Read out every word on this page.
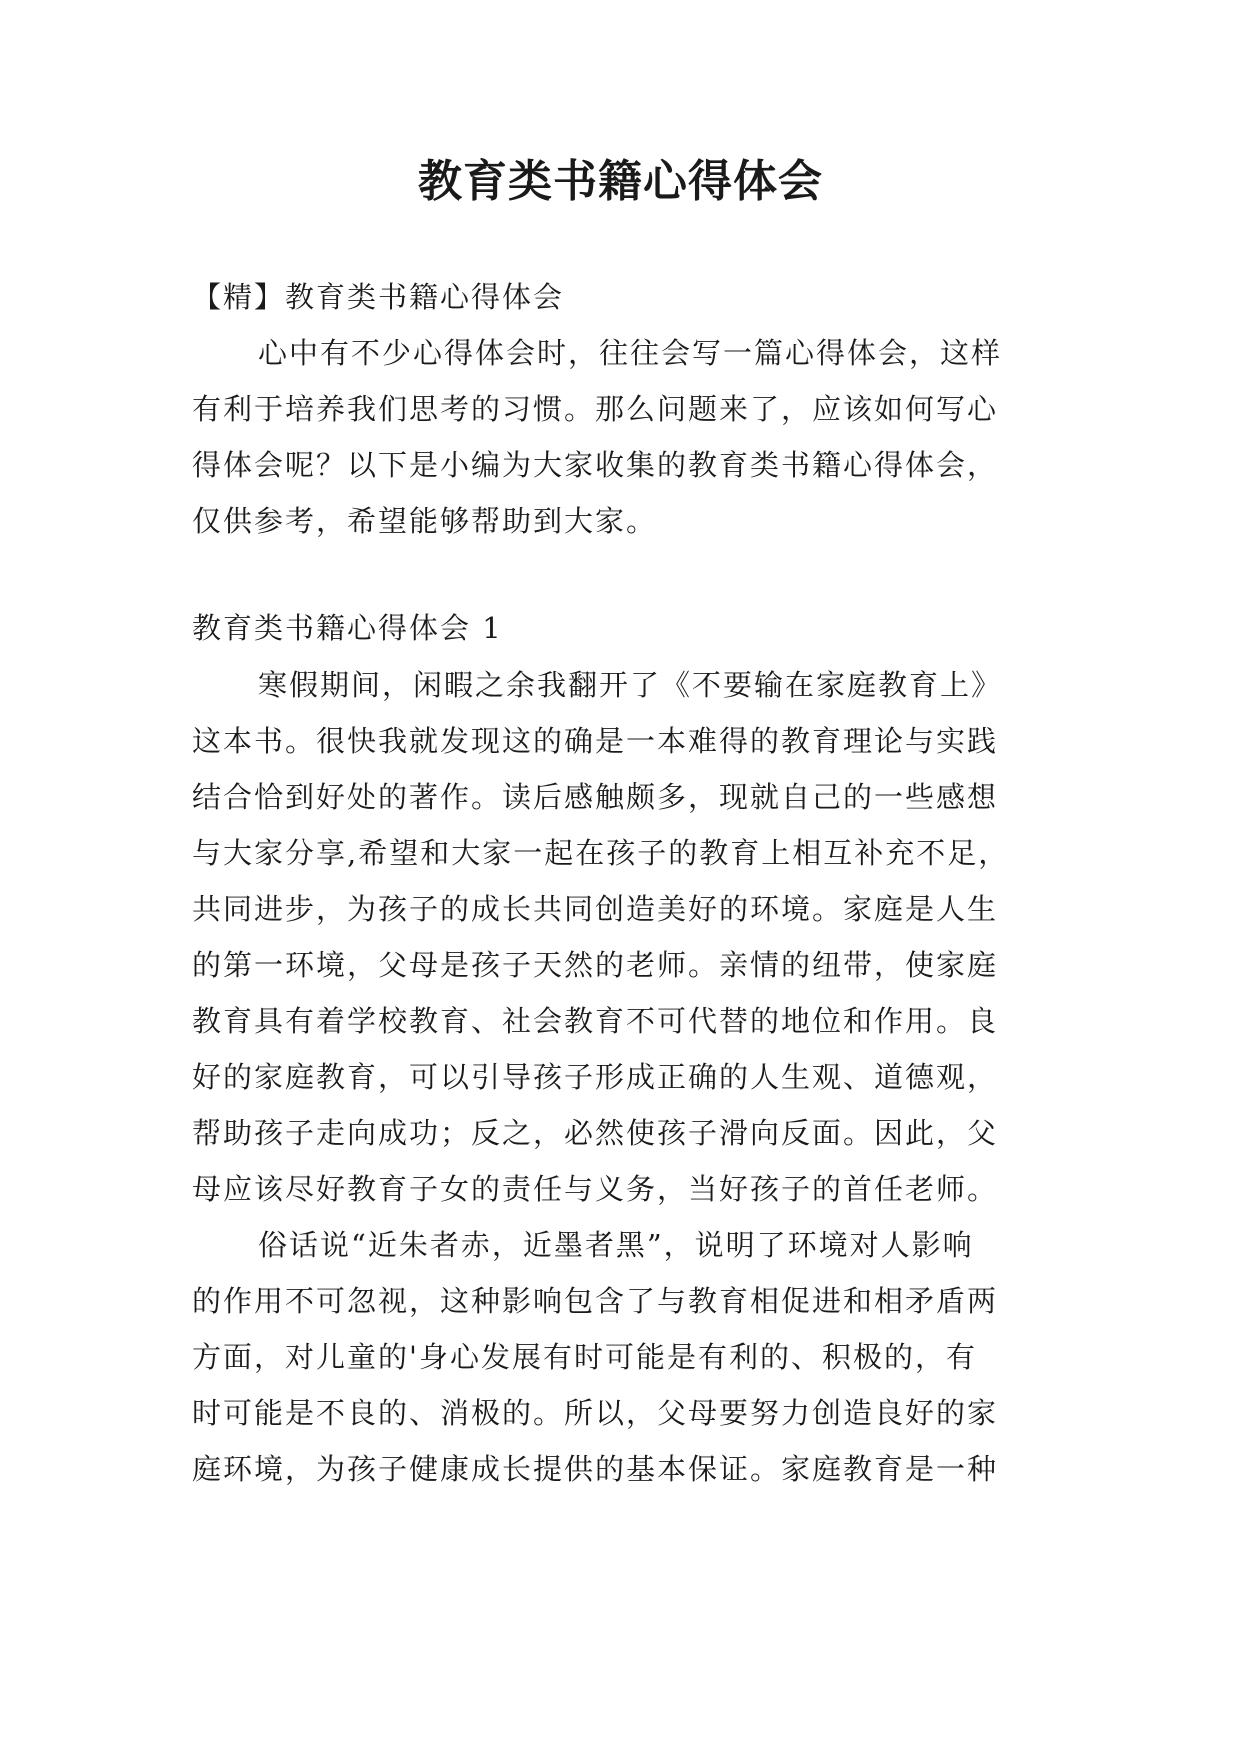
教育类书籍心得体会
【精】教育类书籍心得体会
心中有不少心得体会时，往往会写一篇心得体会，这样
有利于培养我们思考的习惯。那么问题来了，应该如何写心
得体会呢？以下是小编为大家收集的教育类书籍心得体会，
仅供参考，希望能够帮助到大家。
教育类书籍心得体会 1
寒假期间，闲暇之余我翻开了《不要输在家庭教育上》
这本书。很快我就发现这的确是一本难得的教育理论与实践
结合恰到好处的著作。读后感触颇多，现就自己的一些感想
与大家分享,希望和大家一起在孩子的教育上相互补充不足，
共同进步，为孩子的成长共同创造美好的环境。家庭是人生
的第一环境，父母是孩子天然的老师。亲情的纽带，使家庭
教育具有着学校教育、社会教育不可代替的地位和作用。良
好的家庭教育，可以引导孩子形成正确的人生观、道德观，
帮助孩子走向成功；反之，必然使孩子滑向反面。因此，父
母应该尽好教育子女的责任与义务，当好孩子的首任老师。
俗话说“近朱者赤，近墨者黑”，说明了环境对人影响
的作用不可忽视，这种影响包含了与教育相促进和相矛盾两
方面，对儿童的'身心发展有时可能是有利的、积极的，有
时可能是不良的、消极的。所以，父母要努力创造良好的家
庭环境，为孩子健康成长提供的基本保证。家庭教育是一种
